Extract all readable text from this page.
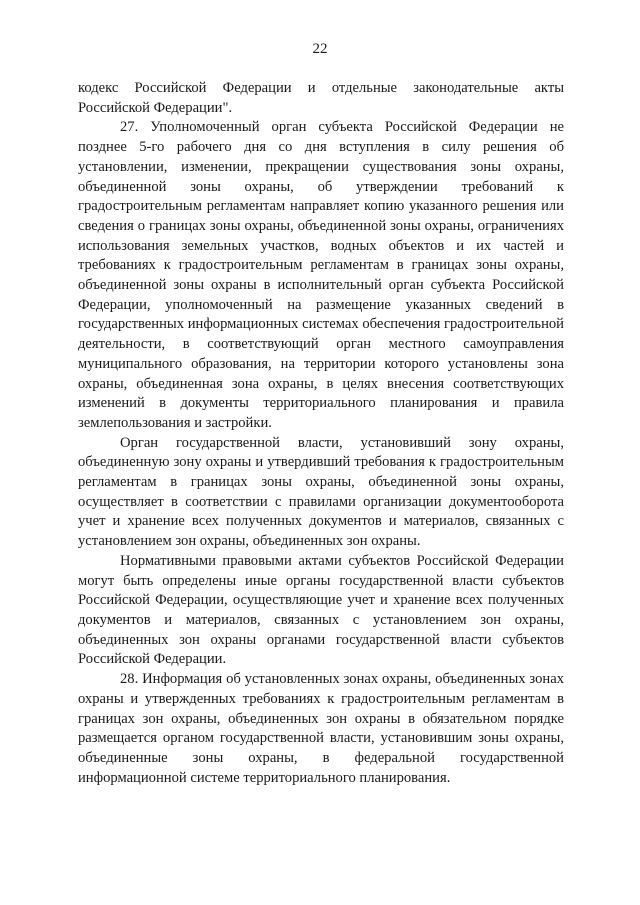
22

кодекс Российской Федерации и отдельные законодательные акты Российской Федерации".

27. Уполномоченный орган субъекта Российской Федерации не позднее 5-го рабочего дня со дня вступления в силу решения об установлении, изменении, прекращении существования зоны охраны, объединенной зоны охраны, об утверждении требований к градостроительным регламентам направляет копию указанного решения или сведения о границах зоны охраны, объединенной зоны охраны, ограничениях использования земельных участков, водных объектов и их частей и требованиях к градостроительным регламентам в границах зоны охраны, объединенной зоны охраны в исполнительный орган субъекта Российской Федерации, уполномоченный на размещение указанных сведений в государственных информационных системах обеспечения градостроительной деятельности, в соответствующий орган местного самоуправления муниципального образования, на территории которого установлены зона охраны, объединенная зона охраны, в целях внесения соответствующих изменений в документы территориального планирования и правила землепользования и застройки.

Орган государственной власти, установивший зону охраны, объединенную зону охраны и утвердивший требования к градостроительным регламентам в границах зоны охраны, объединенной зоны охраны, осуществляет в соответствии с правилами организации документооборота учет и хранение всех полученных документов и материалов, связанных с установлением зон охраны, объединенных зон охраны.

Нормативными правовыми актами субъектов Российской Федерации могут быть определены иные органы государственной власти субъектов Российской Федерации, осуществляющие учет и хранение всех полученных документов и материалов, связанных с установлением зон охраны, объединенных зон охраны органами государственной власти субъектов Российской Федерации.

28. Информация об установленных зонах охраны, объединенных зонах охраны и утвержденных требованиях к градостроительным регламентам в границах зон охраны, объединенных зон охраны в обязательном порядке размещается органом государственной власти, установившим зоны охраны, объединенные зоны охраны, в федеральной государственной информационной системе территориального планирования.
